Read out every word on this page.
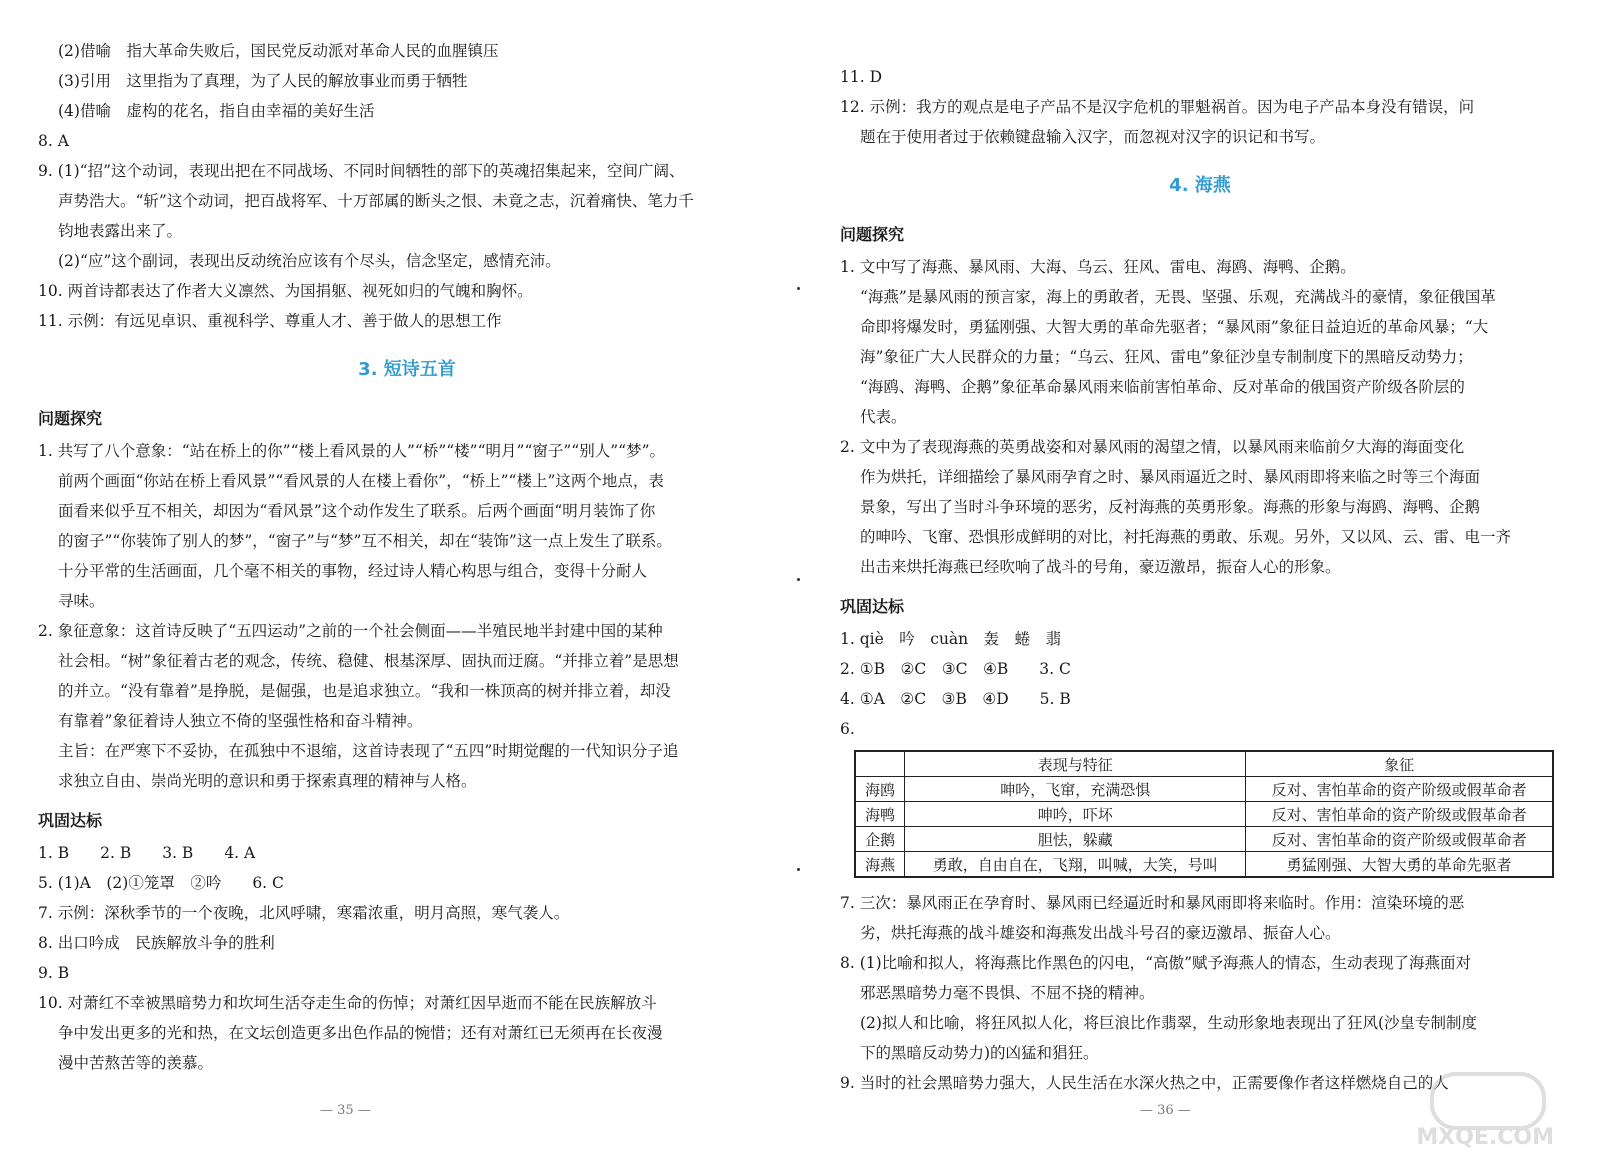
(2)借喻　指大革命失败后，国民党反动派对革命人民的血腥镇压
(3)引用　这里指为了真理，为了人民的解放事业而勇于牺牲
(4)借喻　虚构的花名，指自由幸福的美好生活
8. A
9. (1)“招”这个动词，表现出把在不同战场、不同时间牺牲的部下的英魂招集起来，空间广阔、
声势浩大。“斩”这个动词，把百战将军、十万部属的断头之恨、未竟之志，沉着痛快、笔力千
钧地表露出来了。
(2)“应”这个副词，表现出反动统治应该有个尽头，信念坚定，感情充沛。
10. 两首诗都表达了作者大义凛然、为国捐躯、视死如归的气魄和胸怀。
11. 示例：有远见卓识、重视科学、尊重人才、善于做人的思想工作
3. 短诗五首
问题探究
1. 共写了八个意象：“站在桥上的你”“楼上看风景的人”“桥”“楼”“明月”“窗子”“别人”“梦”。
前两个画面“你站在桥上看风景”“看风景的人在楼上看你”，“桥上”“楼上”这两个地点，表
面看来似乎互不相关，却因为“看风景”这个动作发生了联系。后两个画面“明月装饰了你
的窗子”“你装饰了别人的梦”，“窗子”与“梦”互不相关，却在“装饰”这一点上发生了联系。
十分平常的生活画面，几个毫不相关的事物，经过诗人精心构思与组合，变得十分耐人
寻味。
2. 象征意象：这首诗反映了“五四运动”之前的一个社会侧面——半殖民地半封建中国的某种
社会相。“树”象征着古老的观念，传统、稳健、根基深厚、固执而迂腐。“并排立着”是思想
的并立。“没有靠着”是挣脱，是倔强，也是追求独立。“我和一株顶高的树并排立着，却没
有靠着”象征着诗人独立不倚的坚强性格和奋斗精神。
主旨：在严寒下不妥协，在孤独中不退缩，这首诗表现了“五四”时期觉醒的一代知识分子追
求独立自由、崇尚光明的意识和勇于探索真理的精神与人格。
巩固达标
1. B　　2. B　　3. B　　4. A
5. (1)A　(2)①笼罩　②吟　　6. C
7. 示例：深秋季节的一个夜晚，北风呼啸，寒霜浓重，明月高照，寒气袭人。
8. 出口吟成　民族解放斗争的胜利
9. B
10. 对萧红不幸被黑暗势力和坎坷生活夺走生命的伤悼；对萧红因早逝而不能在民族解放斗
争中发出更多的光和热，在文坛创造更多出色作品的惋惜；还有对萧红已无须再在长夜漫
漫中苦熬苦等的羡慕。
— 35 —
11. D
12. 示例：我方的观点是电子产品不是汉字危机的罪魁祸首。因为电子产品本身没有错误，问
题在于使用者过于依赖键盘输入汉字，而忽视对汉字的识记和书写。
4. 海燕
问题探究
1. 文中写了海燕、暴风雨、大海、乌云、狂风、雷电、海鸥、海鸭、企鹅。
“海燕”是暴风雨的预言家，海上的勇敢者，无畏、坚强、乐观，充满战斗的豪情，象征俄国革
命即将爆发时，勇猛刚强、大智大勇的革命先驱者；“暴风雨”象征日益迫近的革命风暴；“大
海”象征广大人民群众的力量；“乌云、狂风、雷电”象征沙皇专制制度下的黑暗反动势力；
“海鸥、海鸭、企鹅”象征革命暴风雨来临前害怕革命、反对革命的俄国资产阶级各阶层的
代表。
2. 文中为了表现海燕的英勇战姿和对暴风雨的渴望之情，以暴风雨来临前夕大海的海面变化
作为烘托，详细描绘了暴风雨孕育之时、暴风雨逼近之时、暴风雨即将来临之时等三个海面
景象，写出了当时斗争环境的恶劣，反衬海燕的英勇形象。海燕的形象与海鸥、海鸭、企鹅
的呻吟、飞窜、恐惧形成鲜明的对比，衬托海燕的勇敢、乐观。另外，又以风、云、雷、电一齐
出击来烘托海燕已经吹响了战斗的号角，豪迈激昂，振奋人心的形象。
巩固达标
1. qiè　吟　cuàn　轰　蜷　翡
2. ①B　②C　③C　④B　　3. C
4. ①A　②C　③B　④D　　5. B
6.
	表现与特征	象征
海鸥	呻吟，飞窜，充满恐惧	反对、害怕革命的资产阶级或假革命者
海鸭	呻吟，吓坏	反对、害怕革命的资产阶级或假革命者
企鹅	胆怯，躲藏	反对、害怕革命的资产阶级或假革命者
海燕	勇敢，自由自在，飞翔，叫喊，大笑，号叫	勇猛刚强、大智大勇的革命先驱者
7. 三次：暴风雨正在孕育时、暴风雨已经逼近时和暴风雨即将来临时。作用：渲染环境的恶
劣，烘托海燕的战斗雄姿和海燕发出战斗号召的豪迈激昂、振奋人心。
8. (1)比喻和拟人，将海燕比作黑色的闪电，“高傲”赋予海燕人的情态，生动表现了海燕面对
邪恶黑暗势力毫不畏惧、不屈不挠的精神。
(2)拟人和比喻，将狂风拟人化，将巨浪比作翡翠，生动形象地表现出了狂风(沙皇专制制度
下的黑暗反动势力)的凶猛和猖狂。
9. 当时的社会黑暗势力强大，人民生活在水深火热之中，正需要像作者这样燃烧自己的人
— 36 —
MXQE.COM
